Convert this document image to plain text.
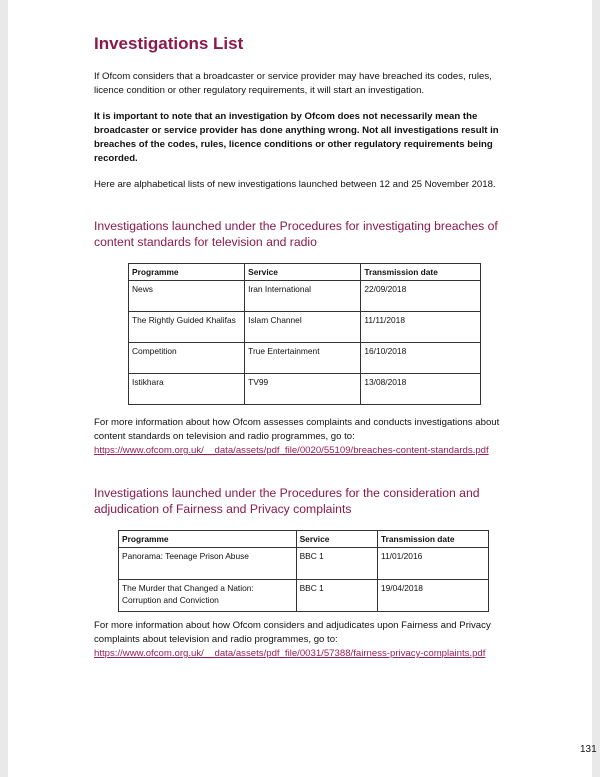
Investigations List

If Ofcom considers that a broadcaster or service provider may have breached its codes, rules, licence condition or other regulatory requirements, it will start an investigation.

It is important to note that an investigation by Ofcom does not necessarily mean the broadcaster or service provider has done anything wrong. Not all investigations result in breaches of the codes, rules, licence conditions or other regulatory requirements being recorded.

Here are alphabetical lists of new investigations launched between 12 and 25 November 2018.

Investigations launched under the Procedures for investigating breaches of content standards for television and radio
Programme	Service	Transmission date
News	Iran International	22/09/2018
The Rightly Guided Khalifas	Islam Channel	11/11/2018
Competition	True Entertainment	16/10/2018
Istikhara	TV99	13/08/2018

For more information about how Ofcom assesses complaints and conducts investigations about content standards on television and radio programmes, go to:
https://www.ofcom.org.uk/__data/assets/pdf_file/0020/55109/breaches-content-standards.pdf

Investigations launched under the Procedures for the consideration and adjudication of Fairness and Privacy complaints
Programme	Service	Transmission date
Panorama: Teenage Prison Abuse	BBC 1	11/01/2016
The Murder that Changed a Nation: Corruption and Conviction	BBC 1	19/04/2018

For more information about how Ofcom considers and adjudicates upon Fairness and Privacy complaints about television and radio programmes, go to:
https://www.ofcom.org.uk/__data/assets/pdf_file/0031/57388/fairness-privacy-complaints.pdf

131
